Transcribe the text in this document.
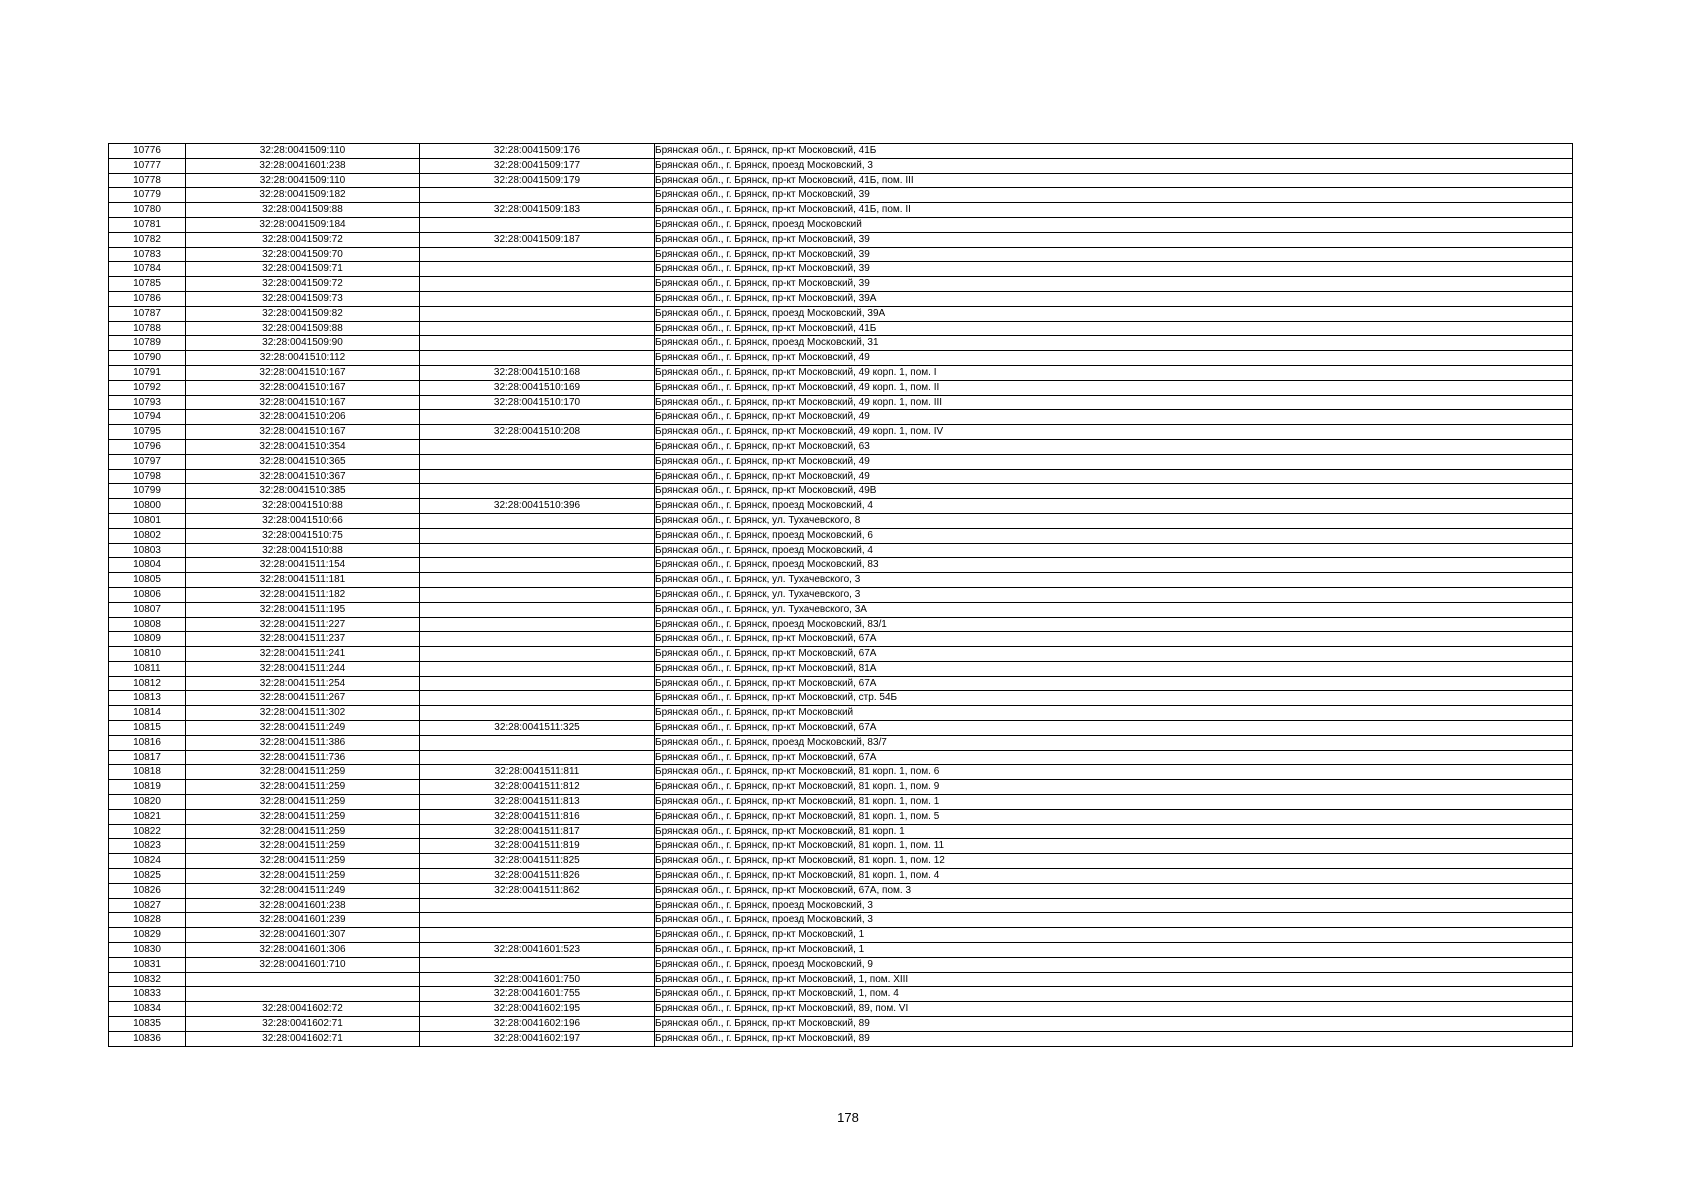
10776	32:28:0041509:110	32:28:0041509:176	Брянская обл., г. Брянск, пр-кт Московский, 41Б
10777	32:28:0041601:238	32:28:0041509:177	Брянская обл., г. Брянск, проезд Московский, 3
10778	32:28:0041509:110	32:28:0041509:179	Брянская обл., г. Брянск, пр-кт Московский, 41Б, пом. III
10779	32:28:0041509:182		Брянская обл., г. Брянск, пр-кт Московский, 39
10780	32:28:0041509:88	32:28:0041509:183	Брянская обл., г. Брянск, пр-кт Московский, 41Б, пом. II
10781	32:28:0041509:184		Брянская обл., г. Брянск, проезд Московский
10782	32:28:0041509:72	32:28:0041509:187	Брянская обл., г. Брянск, пр-кт Московский, 39
10783	32:28:0041509:70		Брянская обл., г. Брянск, пр-кт Московский, 39
10784	32:28:0041509:71		Брянская обл., г. Брянск, пр-кт Московский, 39
10785	32:28:0041509:72		Брянская обл., г. Брянск, пр-кт Московский, 39
10786	32:28:0041509:73		Брянская обл., г. Брянск, пр-кт Московский, 39А
10787	32:28:0041509:82		Брянская обл., г. Брянск, проезд Московский, 39А
10788	32:28:0041509:88		Брянская обл., г. Брянск, пр-кт Московский, 41Б
10789	32:28:0041509:90		Брянская обл., г. Брянск, проезд Московский, 31
10790	32:28:0041510:112		Брянская обл., г. Брянск, пр-кт Московский, 49
10791	32:28:0041510:167	32:28:0041510:168	Брянская обл., г. Брянск, пр-кт Московский, 49 корп. 1, пом. I
10792	32:28:0041510:167	32:28:0041510:169	Брянская обл., г. Брянск, пр-кт Московский, 49 корп. 1, пом. II
10793	32:28:0041510:167	32:28:0041510:170	Брянская обл., г. Брянск, пр-кт Московский, 49 корп. 1, пом. III
10794	32:28:0041510:206		Брянская обл., г. Брянск, пр-кт Московский, 49
10795	32:28:0041510:167	32:28:0041510:208	Брянская обл., г. Брянск, пр-кт Московский, 49 корп. 1, пом. IV
10796	32:28:0041510:354		Брянская обл., г. Брянск, пр-кт Московский, 63
10797	32:28:0041510:365		Брянская обл., г. Брянск, пр-кт Московский, 49
10798	32:28:0041510:367		Брянская обл., г. Брянск, пр-кт Московский, 49
10799	32:28:0041510:385		Брянская обл., г. Брянск, пр-кт Московский, 49В
10800	32:28:0041510:88	32:28:0041510:396	Брянская обл., г. Брянск, проезд Московский, 4
10801	32:28:0041510:66		Брянская обл., г. Брянск, ул. Тухачевского, 8
10802	32:28:0041510:75		Брянская обл., г. Брянск, проезд Московский, 6
10803	32:28:0041510:88		Брянская обл., г. Брянск, проезд Московский, 4
10804	32:28:0041511:154		Брянская обл., г. Брянск, проезд Московский, 83
10805	32:28:0041511:181		Брянская обл., г. Брянск, ул. Тухачевского, 3
10806	32:28:0041511:182		Брянская обл., г. Брянск, ул. Тухачевского, 3
10807	32:28:0041511:195		Брянская обл., г. Брянск, ул. Тухачевского, 3А
10808	32:28:0041511:227		Брянская обл., г. Брянск, проезд Московский, 83/1
10809	32:28:0041511:237		Брянская обл., г. Брянск, пр-кт Московский, 67А
10810	32:28:0041511:241		Брянская обл., г. Брянск, пр-кт Московский, 67А
10811	32:28:0041511:244		Брянская обл., г. Брянск, пр-кт Московский, 81А
10812	32:28:0041511:254		Брянская обл., г. Брянск, пр-кт Московский, 67А
10813	32:28:0041511:267		Брянская обл., г. Брянск, пр-кт Московский, стр. 54Б
10814	32:28:0041511:302		Брянская обл., г. Брянск, пр-кт Московский
10815	32:28:0041511:249	32:28:0041511:325	Брянская обл., г. Брянск, пр-кт Московский, 67А
10816	32:28:0041511:386		Брянская обл., г. Брянск, проезд Московский, 83/7
10817	32:28:0041511:736		Брянская обл., г. Брянск, пр-кт Московский, 67А
10818	32:28:0041511:259	32:28:0041511:811	Брянская обл., г. Брянск, пр-кт Московский, 81 корп. 1, пом. 6
10819	32:28:0041511:259	32:28:0041511:812	Брянская обл., г. Брянск, пр-кт Московский, 81 корп. 1, пом. 9
10820	32:28:0041511:259	32:28:0041511:813	Брянская обл., г. Брянск, пр-кт Московский, 81 корп. 1, пом. 1
10821	32:28:0041511:259	32:28:0041511:816	Брянская обл., г. Брянск, пр-кт Московский, 81 корп. 1, пом. 5
10822	32:28:0041511:259	32:28:0041511:817	Брянская обл., г. Брянск, пр-кт Московский, 81 корп. 1
10823	32:28:0041511:259	32:28:0041511:819	Брянская обл., г. Брянск, пр-кт Московский, 81 корп. 1, пом. 11
10824	32:28:0041511:259	32:28:0041511:825	Брянская обл., г. Брянск, пр-кт Московский, 81 корп. 1, пом. 12
10825	32:28:0041511:259	32:28:0041511:826	Брянская обл., г. Брянск, пр-кт Московский, 81 корп. 1, пом. 4
10826	32:28:0041511:249	32:28:0041511:862	Брянская обл., г. Брянск, пр-кт Московский, 67А, пом. 3
10827	32:28:0041601:238		Брянская обл., г. Брянск, проезд Московский, 3
10828	32:28:0041601:239		Брянская обл., г. Брянск, проезд Московский, 3
10829	32:28:0041601:307		Брянская обл., г. Брянск, пр-кт Московский, 1
10830	32:28:0041601:306	32:28:0041601:523	Брянская обл., г. Брянск, пр-кт Московский, 1
10831	32:28:0041601:710		Брянская обл., г. Брянск, проезд Московский, 9
10832		32:28:0041601:750	Брянская обл., г. Брянск, пр-кт Московский, 1, пом. XIII
10833		32:28:0041601:755	Брянская обл., г. Брянск, пр-кт Московский, 1, пом. 4
10834	32:28:0041602:72	32:28:0041602:195	Брянская обл., г. Брянск, пр-кт Московский, 89, пом. VI
10835	32:28:0041602:71	32:28:0041602:196	Брянская обл., г. Брянск, пр-кт Московский, 89
10836	32:28:0041602:71	32:28:0041602:197	Брянская обл., г. Брянск, пр-кт Московский, 89
178
